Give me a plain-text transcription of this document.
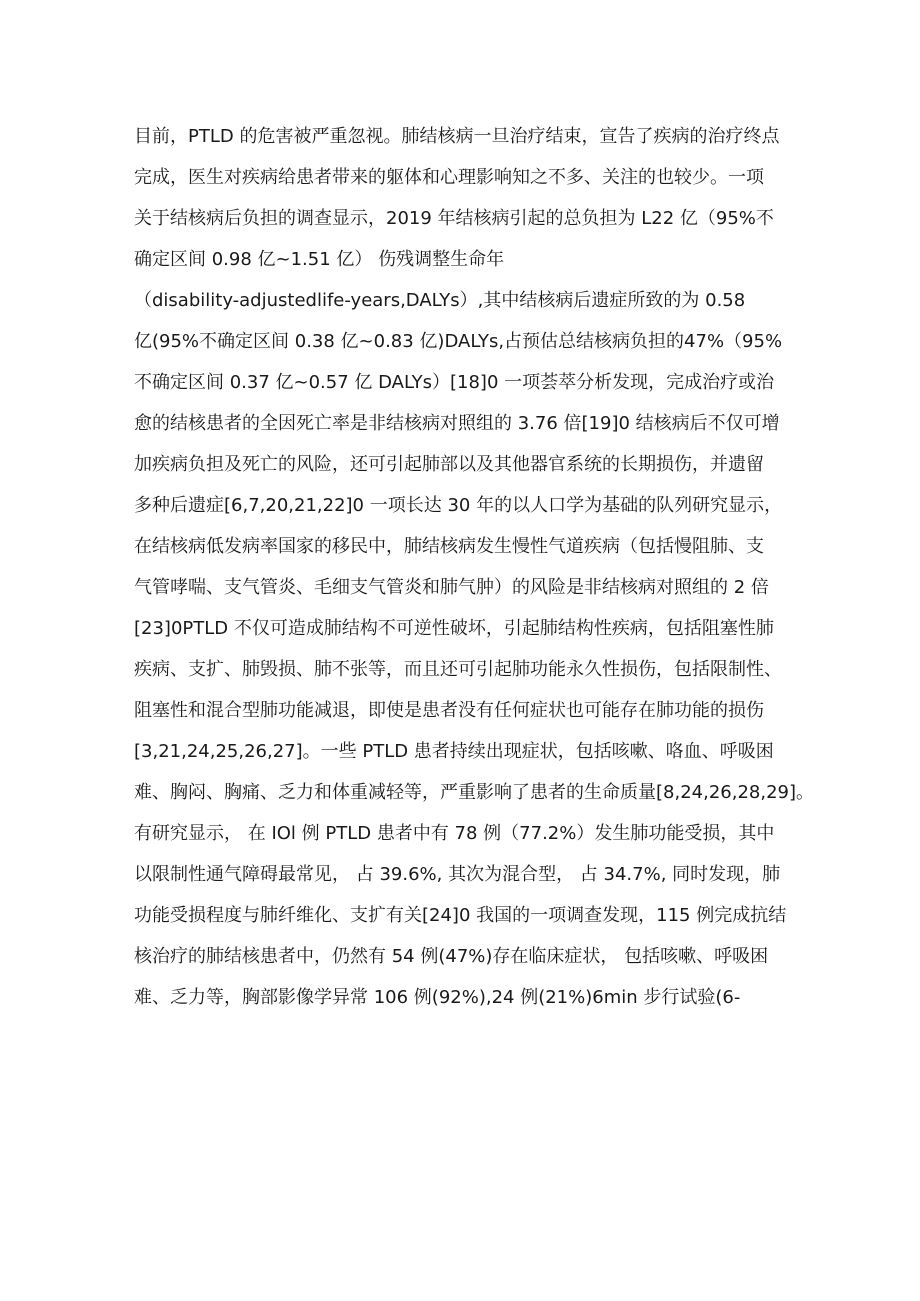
目前，PTLD 的危害被严重忽视。肺结核病一旦治疗结束，宣告了疾病的治疗终点
完成，医生对疾病给患者带来的躯体和心理影响知之不多、关注的也较少。一项
关于结核病后负担的调查显示，2019 年结核病引起的总负担为 L22 亿（95%不
确定区间 0.98 亿~1.51 亿） 伤残调整生命年
（disability-adjustedlife-years,DALYs）,其中结核病后遗症所致的为 0.58
亿(95%不确定区间 0.38 亿~0.83 亿)DALYs,占预估总结核病负担的47%（95%
不确定区间 0.37 亿~0.57 亿 DALYs）[18]0 一项荟萃分析发现，完成治疗或治
愈的结核患者的全因死亡率是非结核病对照组的 3.76 倍[19]0 结核病后不仅可增
加疾病负担及死亡的风险，还可引起肺部以及其他器官系统的长期损伤，并遗留
多种后遗症[6,7,20,21,22]0 一项长达 30 年的以人口学为基础的队列研究显示，
在结核病低发病率国家的移民中，肺结核病发生慢性气道疾病（包括慢阻肺、支
气管哮喘、支气管炎、毛细支气管炎和肺气肿）的风险是非结核病对照组的 2 倍
[23]0PTLD 不仅可造成肺结构不可逆性破坏，引起肺结构性疾病，包括阻塞性肺
疾病、支扩、肺毁损、肺不张等，而且还可引起肺功能永久性损伤，包括限制性、
阻塞性和混合型肺功能减退，即使是患者没有任何症状也可能存在肺功能的损伤
[3,21,24,25,26,27]。一些 PTLD 患者持续出现症状，包括咳嗽、咯血、呼吸困
难、胸闷、胸痛、乏力和体重减轻等，严重影响了患者的生命质量[8,24,26,28,29]。
有研究显示， 在 IOl 例 PTLD 患者中有 78 例（77.2%）发生肺功能受损，其中
以限制性通气障碍最常见， 占 39.6%, 其次为混合型， 占 34.7%, 同时发现，肺
功能受损程度与肺纤维化、支扩有关[24]0 我国的一项调查发现，115 例完成抗结
核治疗的肺结核患者中，仍然有 54 例(47%)存在临床症状， 包括咳嗽、呼吸困
难、乏力等，胸部影像学异常 106 例(92%),24 例(21%)6min 步行试验(6-
